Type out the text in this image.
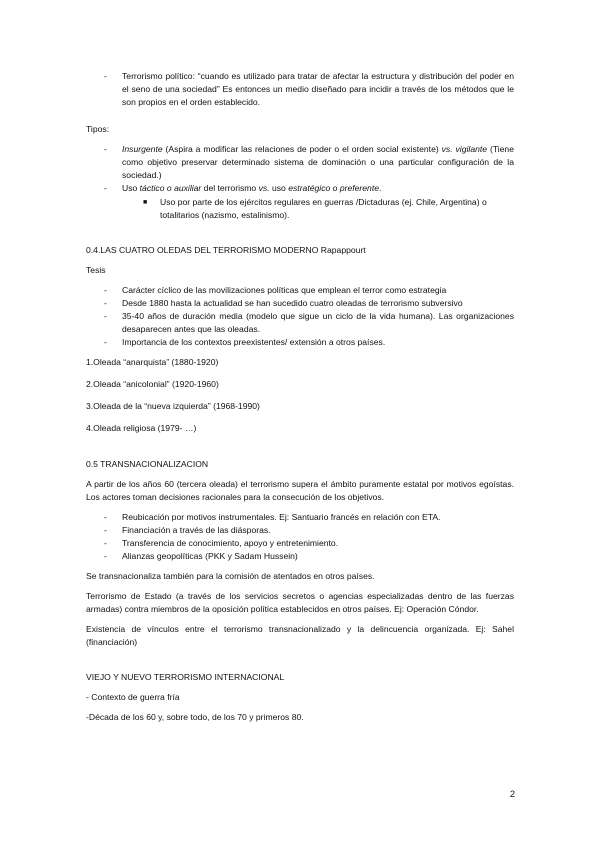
- Terrorismo político: “cuando es utilizado para tratar de afectar la estructura y distribución del poder en el seno de una sociedad” Es entonces un medio diseñado para incidir a través de los métodos que le son propios en el orden establecido.

Tipos:

- Insurgente (Aspira a modificar las relaciones de poder o el orden social existente) vs. vigilante (Tiene como objetivo preservar determinado sistema de dominación o una particular configuración de la sociedad.)
- Uso táctico o auxiliar del terrorismo vs. uso estratégico o preferente.
■ Uso por parte de los ejércitos regulares en guerras /Dictaduras (ej. Chile, Argentina) o totalitarios (nazismo, estalinismo).

0.4.LAS CUATRO OLEDAS DEL TERRORISMO MODERNO Rapappourt

Tesis

- Carácter cíclico de las movilizaciones políticas que emplean el terror como estrategia
- Desde 1880 hasta la actualidad se han sucedido cuatro oleadas de terrorismo subversivo
- 35-40 años de duración media (modelo que sigue un ciclo de la vida humana). Las organizaciones desaparecen antes que las oleadas.
- Importancia de los contextos preexistentes/ extensión a otros países.

1.Oleada “anarquista” (1880-1920)

2.Oleada “anicolonial” (1920-1960)

3.Oleada de la “nueva izquierda” (1968-1990)

4.Oleada religiosa (1979- …)

0.5 TRANSNACIONALIZACION

A partir de los años 60 (tercera oleada) el terrorismo supera el ámbito puramente estatal por motivos egoístas. Los actores toman decisiones racionales para la consecución de los objetivos.

- Reubicación por motivos instrumentales. Ej: Santuario francés en relación con ETA.
- Financiación a través de las diásporas.
- Transferencia de conocimiento, apoyo y entretenimiento.
- Alianzas geopolíticas (PKK y Sadam Hussein)

Se transnacionaliza también para la comisión de atentados en otros países.

Terrorismo de Estado (a través de los servicios secretos o agencias especializadas dentro de las fuerzas armadas) contra miembros de la oposición política establecidos en otros países. Ej: Operación Cóndor.

Existencia de vínculos entre el terrorismo transnacionalizado y la delincuencia organizada. Ej: Sahel (financiación)

VIEJO Y NUEVO TERRORISMO INTERNACIONAL

- Contexto de guerra fría

-Década de los 60 y, sobre todo, de los 70 y primeros 80.

2
